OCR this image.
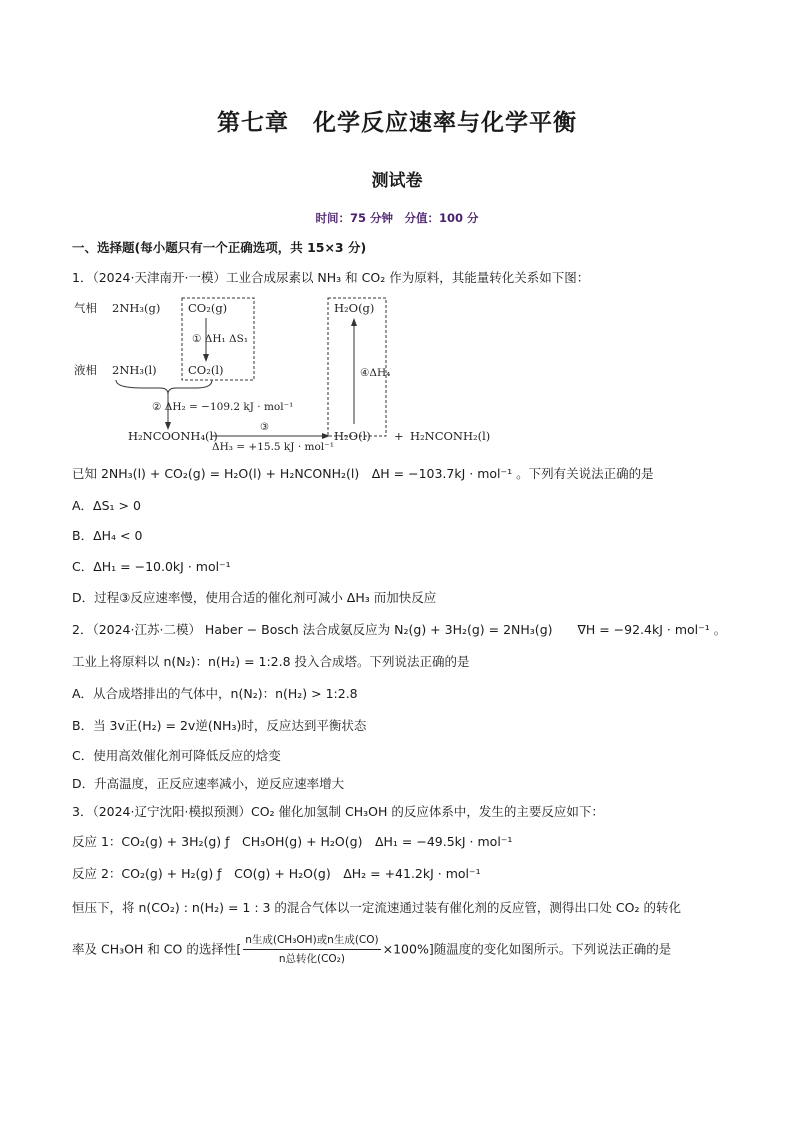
第七章　化学反应速率与化学平衡
测试卷
时间：75 分钟　分值：100 分
一、选择题(每小题只有一个正确选项，共 15×3 分)
1．（2024·天津南开·一模）工业合成尿素以 NH₃ 和 CO₂ 作为原料，其能量转化关系如下图：
气相 2NH₃(g) CO₂(g)
① ΔH₁ ΔS₁
液相 2NH₃(l)	CO₂(l)
② ΔH₂ = −109.2 kJ · mol⁻¹
H₂NCOONH₄(l)
③
ΔH₃ = +15.5 kJ · mol⁻¹
H₂O(g)
④ΔH₄
H₂O(l) + H₂NCONH₂(l)
已知 2NH₃(l) + CO₂(g) = H₂O(l) + H₂NCONH₂(l)　ΔH = −103.7kJ · mol⁻¹ 。下列有关说法正确的是
A．ΔS₁ > 0
B．ΔH₄ < 0
C．ΔH₁ = −10.0kJ · mol⁻¹
D．过程③反应速率慢，使用合适的催化剂可减小 ΔH₃ 而加快反应
2．（2024·江苏·二模） Haber − Bosch 法合成氨反应为 N₂(g) + 3H₂(g) = 2NH₃(g)　　∇H = −92.4kJ · mol⁻¹ 。
工业上将原料以 n(N₂)：n(H₂) = 1:2.8 投入合成塔。下列说法正确的是
A．从合成塔排出的气体中，n(N₂)：n(H₂) > 1:2.8
B．当 3v正(H₂) = 2v逆(NH₃)时，反应达到平衡状态
C．使用高效催化剂可降低反应的焓变
D．升高温度，正反应速率减小，逆反应速率增大
3．（2024·辽宁沈阳·模拟预测）CO₂ 催化加氢制 CH₃OH 的反应体系中，发生的主要反应如下：
反应 1：CO₂(g) + 3H₂(g) ƒ　CH₃OH(g) + H₂O(g)　ΔH₁ = −49.5kJ · mol⁻¹
反应 2：CO₂(g) + H₂(g) ƒ　CO(g) + H₂O(g)　ΔH₂ = +41.2kJ · mol⁻¹
恒压下，将 n(CO₂) : n(H₂) = 1 : 3 的混合气体以一定流速通过装有催化剂的反应管，测得出口处 CO₂ 的转化
率及 CH₃OH 和 CO 的选择性[ $\frac{\text{n生成(CH₃OH)或n生成(CO)}}{\text{n总转化(CO₂)}} \times 100\%$]随温度的变化如图所示。下列说法正确的是
